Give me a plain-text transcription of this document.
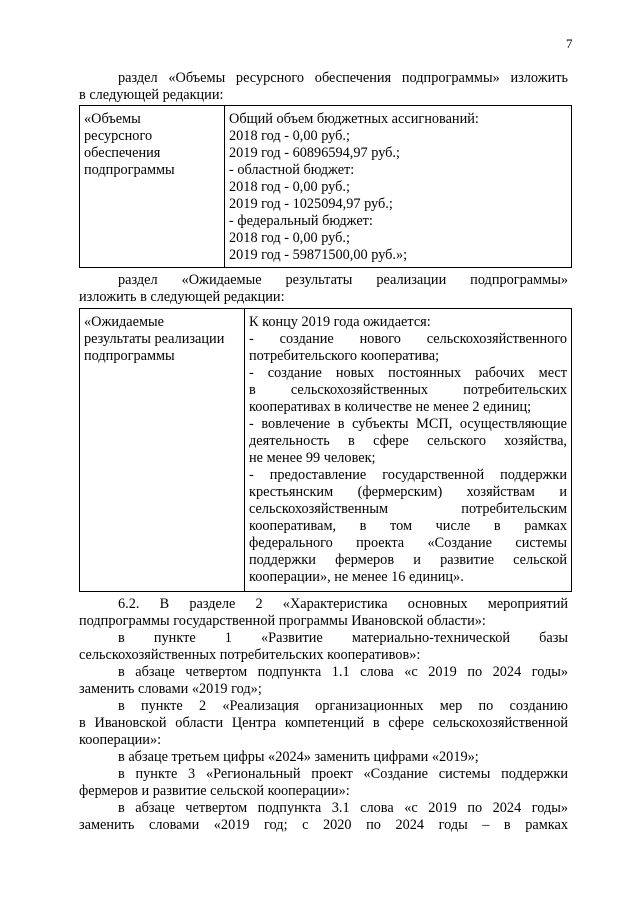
7
раздел «Объемы ресурсного обеспечения подпрограммы» изложить
в следующей редакции:
«Объемы
ресурсного
обеспечения
подпрограммы
Общий объем бюджетных ассигнований:
2018 год - 0,00 руб.;
2019 год - 60896594,97 руб.;
- областной бюджет:
2018 год - 0,00 руб.;
2019 год - 1025094,97 руб.;
- федеральный бюджет:
2018 год - 0,00 руб.;
2019 год - 59871500,00 руб.»;
раздел «Ожидаемые результаты реализации подпрограммы»
изложить в следующей редакции:
«Ожидаемые
результаты реализации
подпрограммы
К концу 2019 года ожидается:
- создание нового сельскохозяйственного
потребительского кооператива;
- создание новых постоянных рабочих мест
в сельскохозяйственных потребительских
кооперативах в количестве не менее 2 единиц;
- вовлечение в субъекты МСП, осуществляющие
деятельность в сфере сельского хозяйства,
не менее 99 человек;
- предоставление государственной поддержки
крестьянским (фермерским) хозяйствам и
сельскохозяйственным потребительским
кооперативам, в том числе в рамках
федерального проекта «Создание системы
поддержки фермеров и развитие сельской
кооперации», не менее 16 единиц».
6.2. В разделе 2 «Характеристика основных мероприятий
подпрограммы государственной программы Ивановской области»:
в пункте 1 «Развитие материально-технической базы
сельскохозяйственных потребительских кооперативов»:
в абзаце четвертом подпункта 1.1 слова «с 2019 по 2024 годы»
заменить словами «2019 год»;
в пункте 2 «Реализация организационных мер по созданию
в Ивановской области Центра компетенций в сфере сельскохозяйственной
кооперации»:
в абзаце третьем цифры «2024» заменить цифрами «2019»;
в пункте 3 «Региональный проект «Создание системы поддержки
фермеров и развитие сельской кооперации»:
в абзаце четвертом подпункта 3.1 слова «с 2019 по 2024 годы»
заменить словами «2019 год; с 2020 по 2024 годы – в рамках
